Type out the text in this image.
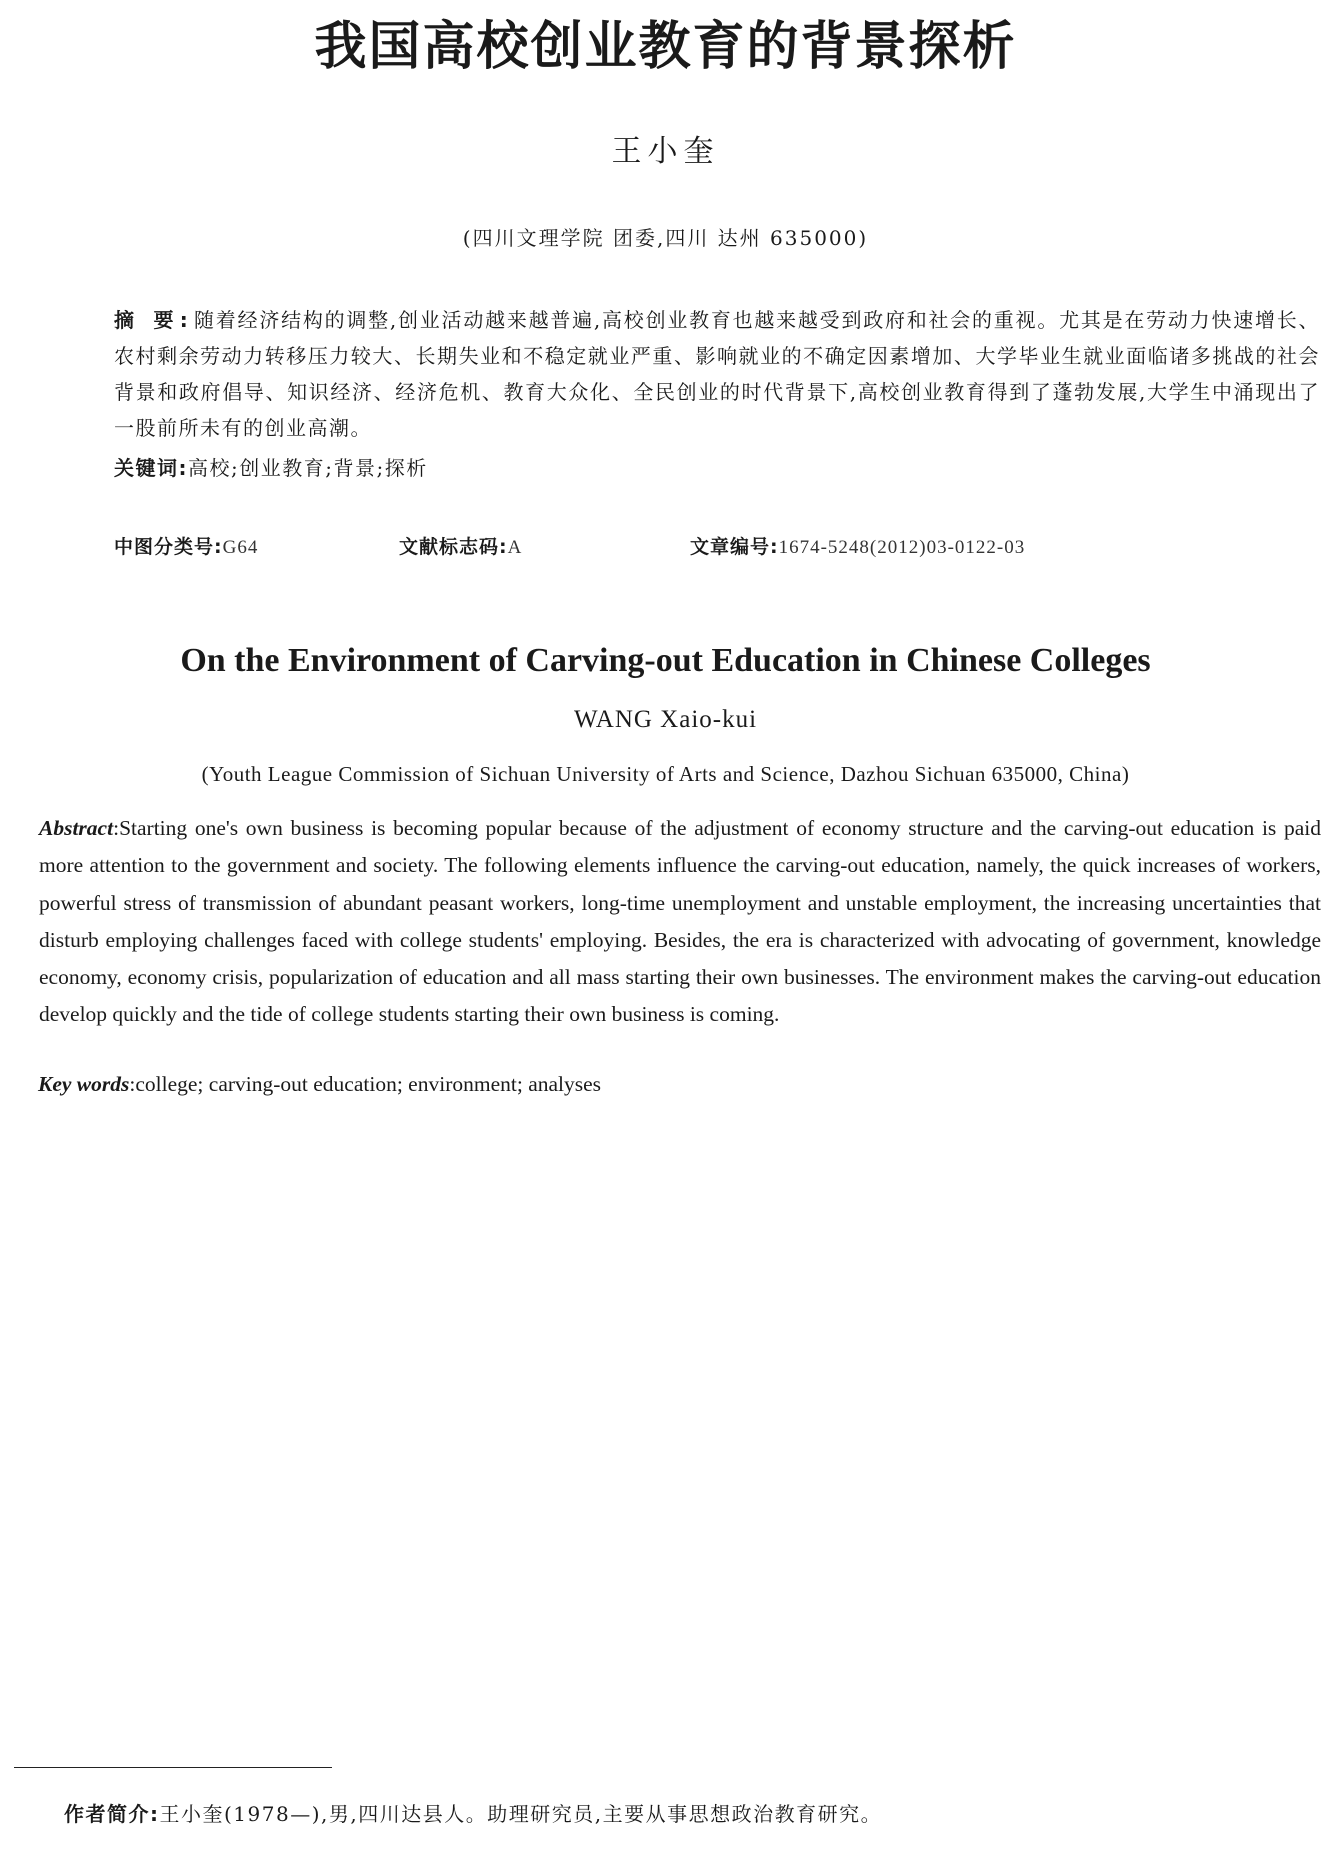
我国高校创业教育的背景探析
王小奎
(四川文理学院 团委,四川 达州 635000)
摘 要:随着经济结构的调整,创业活动越来越普遍,高校创业教育也越来越受到政府和社会的重视。尤其是在劳动力快速增长、农村剩余劳动力转移压力较大、长期失业和不稳定就业严重、影响就业的不确定因素增加、大学毕业生就业面临诸多挑战的社会背景和政府倡导、知识经济、经济危机、教育大众化、全民创业的时代背景下,高校创业教育得到了蓬勃发展,大学生中涌现出了一股前所未有的创业高潮。
关键词:高校;创业教育;背景;探析
中图分类号:G64	文献标志码:A	文章编号:1674-5248(2012)03-0122-03
On the Environment of Carving-out Education in Chinese Colleges
WANG Xaio-kui
(Youth League Commission of Sichuan University of Arts and Science, Dazhou Sichuan 635000, China)
Abstract:Starting one's own business is becoming popular because of the adjustment of economy structure and the carving-out education is paid more attention to the government and society. The following elements influence the carving-out education, namely, the quick increases of workers, powerful stress of transmission of abundant peasant workers, long-time unemployment and unstable employment, the increasing uncertainties that disturb employing challenges faced with college students' employing. Besides, the era is characterized with advocating of government, knowledge economy, economy crisis, popularization of education and all mass starting their own businesses. The environment makes the carving-out education develop quickly and the tide of college students starting their own business is coming.
Key words:college; carving-out education; environment; analyses
作者简介:王小奎(1978—),男,四川达县人。助理研究员,主要从事思想政治教育研究。
